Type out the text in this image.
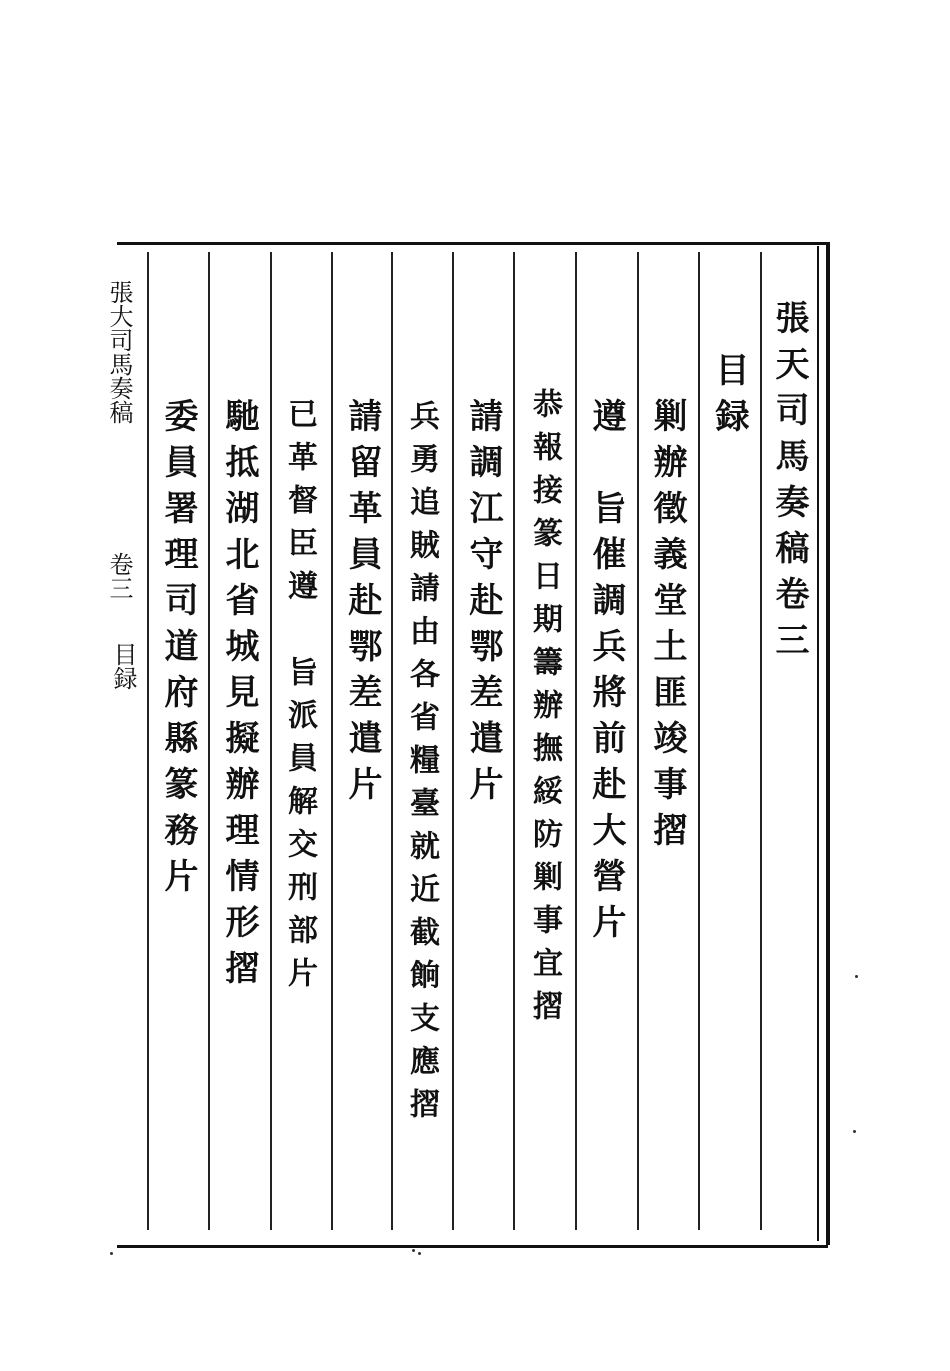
張天司馬奏稿卷三
目録
剿辦徵義堂土匪竣事摺
遵　旨催調兵將前赴大營片
恭報接篆日期籌辦撫綏防剿事宜摺
請調江守赴鄂差遣片
兵勇追賊請由各省糧臺就近截餉支應摺
請留革員赴鄂差遣片
已革督臣遵　旨派員解交刑部片
馳抵湖北省城見擬辦理情形摺
委員署理司道府縣篆務片
張大司馬奏稿
卷三
目録
